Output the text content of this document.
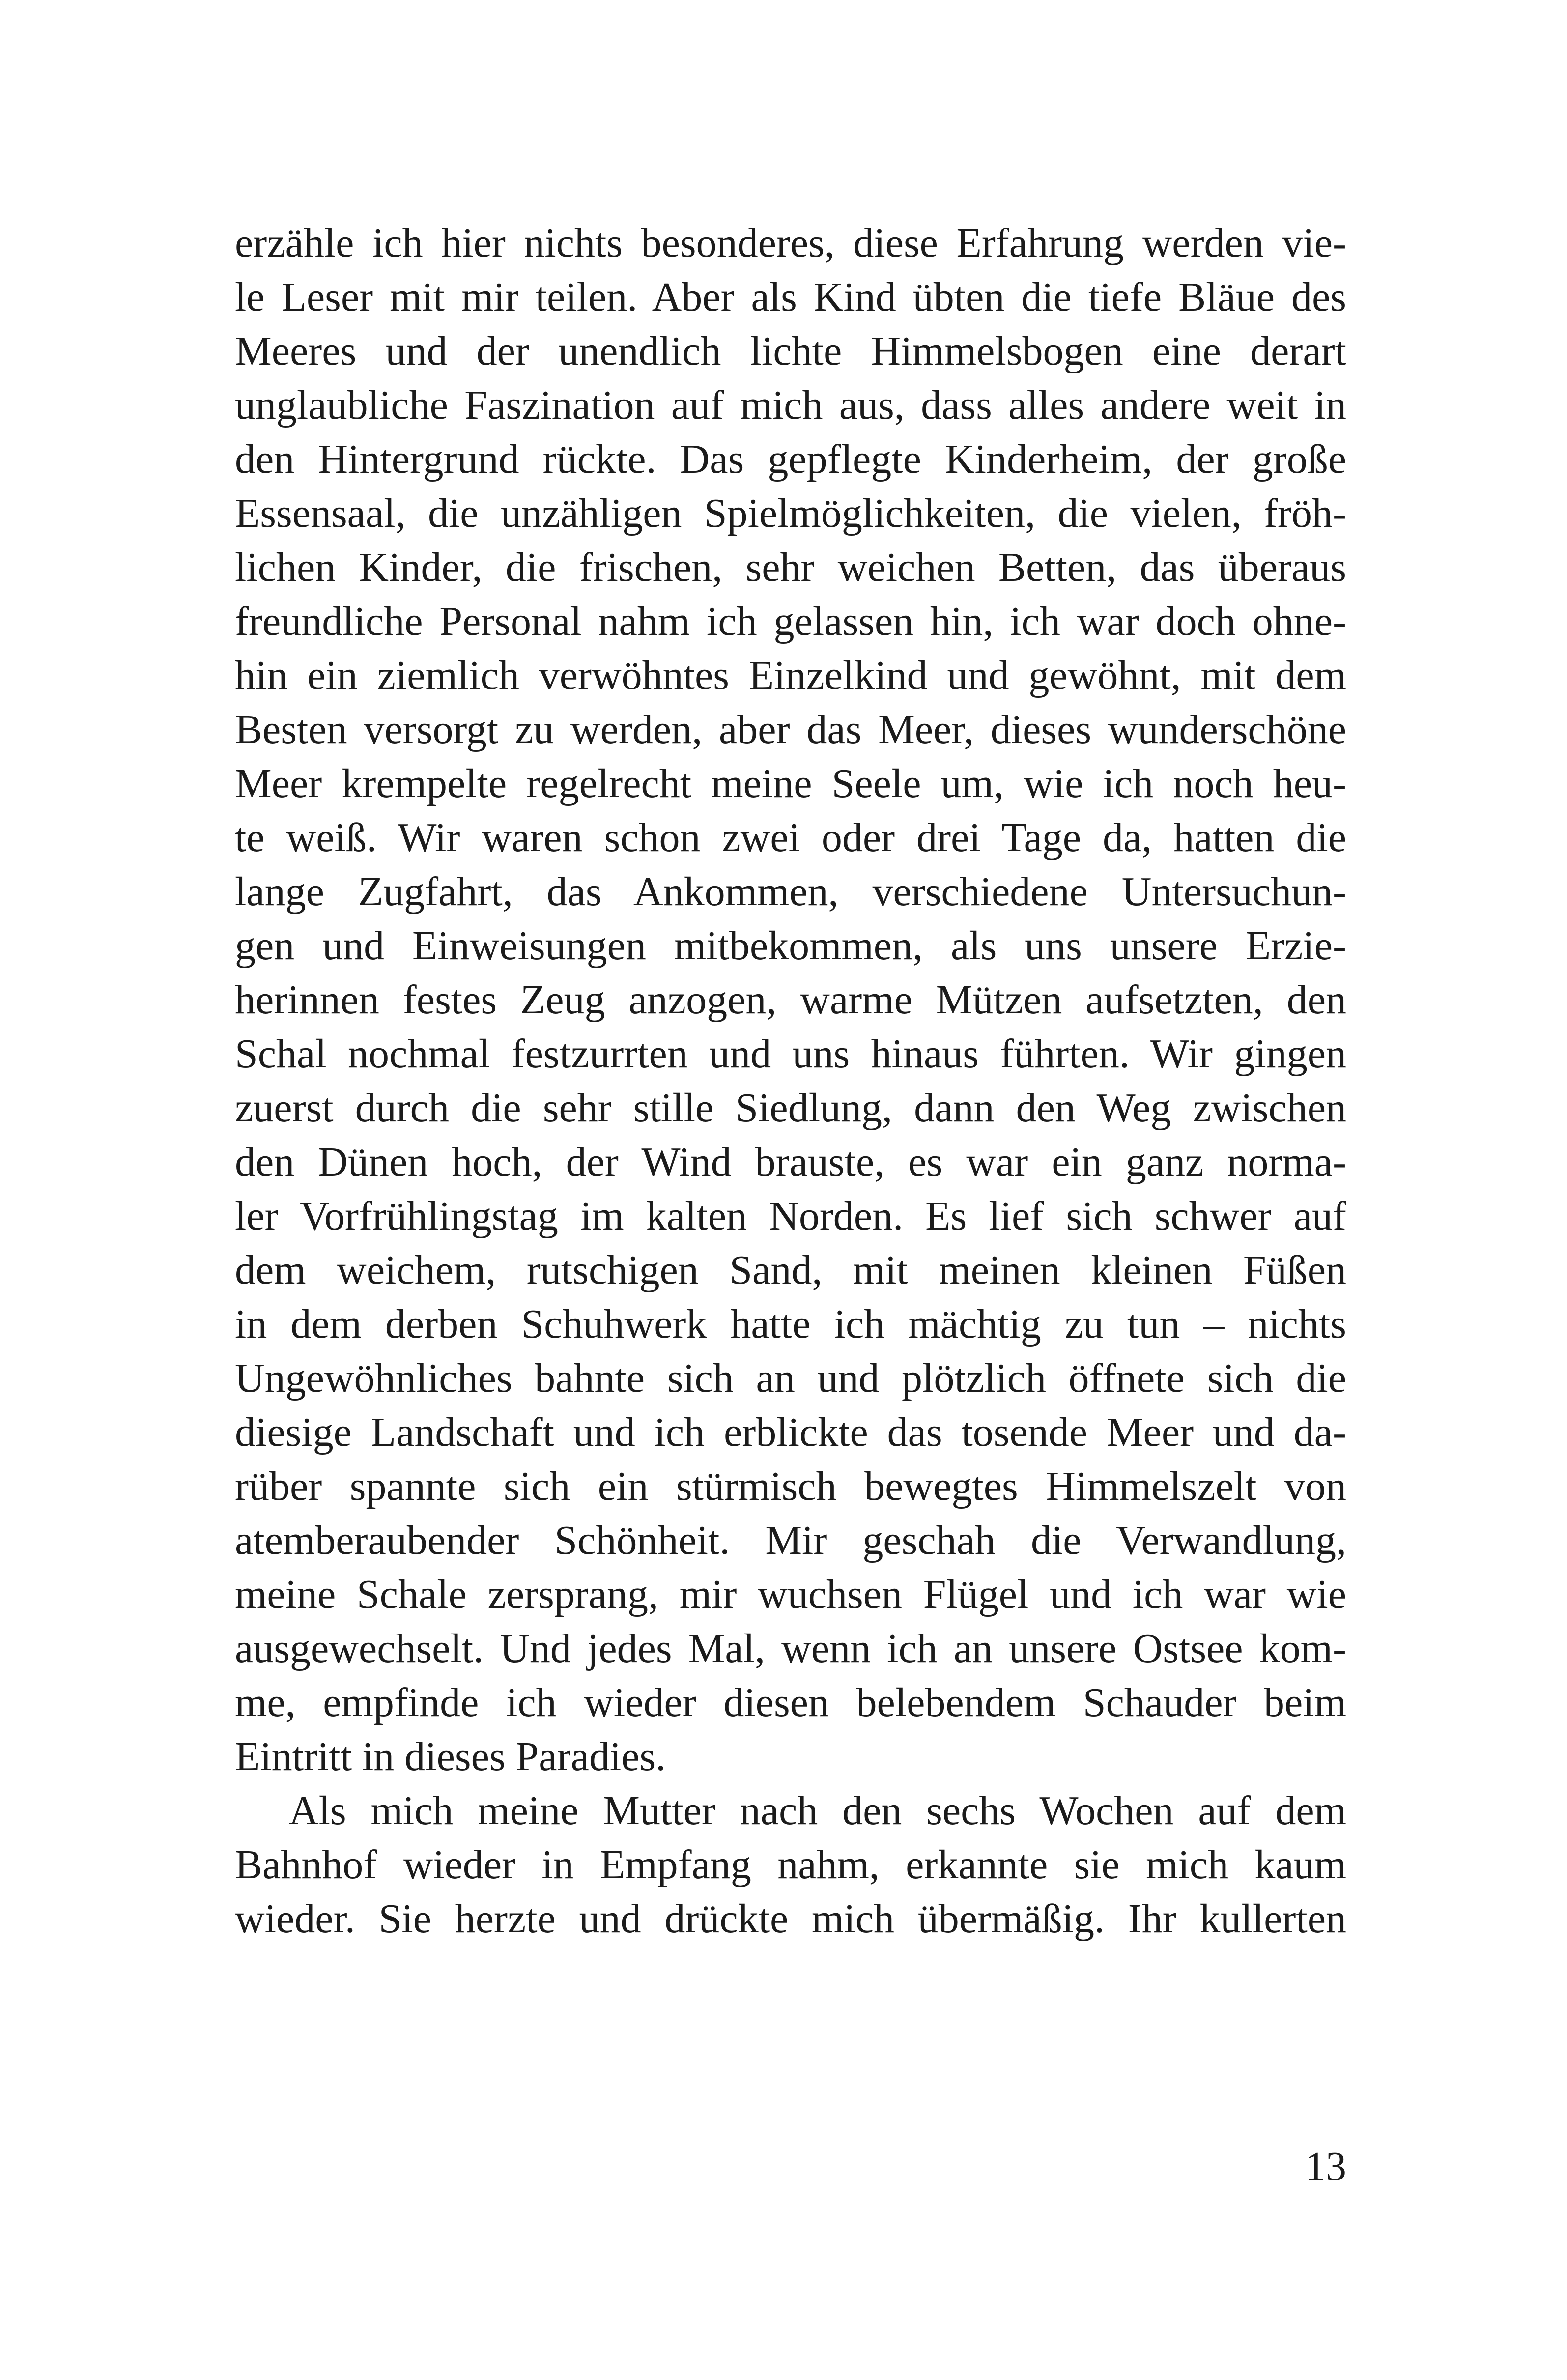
erzähle ich hier nichts besonderes, diese Erfahrung werden vie-
le Leser mit mir teilen. Aber als Kind übten die tiefe Bläue des
Meeres und der unendlich lichte Himmelsbogen eine derart
unglaubliche Faszination auf mich aus, dass alles andere weit in
den Hintergrund rückte. Das gepflegte Kinderheim, der große
Essensaal, die unzähligen Spielmöglichkeiten, die vielen, fröh-
lichen Kinder, die frischen, sehr weichen Betten, das überaus
freundliche Personal nahm ich gelassen hin, ich war doch ohne-
hin ein ziemlich verwöhntes Einzelkind und gewöhnt, mit dem
Besten versorgt zu werden, aber das Meer, dieses wunderschöne
Meer krempelte regelrecht meine Seele um, wie ich noch heu-
te weiß. Wir waren schon zwei oder drei Tage da, hatten die
lange Zugfahrt, das Ankommen, verschiedene Untersuchun-
gen und Einweisungen mitbekommen, als uns unsere Erzie-
herinnen festes Zeug anzogen, warme Mützen aufsetzten, den
Schal nochmal festzurrten und uns hinaus führten. Wir gingen
zuerst durch die sehr stille Siedlung, dann den Weg zwischen
den Dünen hoch, der Wind brauste, es war ein ganz norma-
ler Vorfrühlingstag im kalten Norden. Es lief sich schwer auf
dem weichem, rutschigen Sand, mit meinen kleinen Füßen
in dem derben Schuhwerk hatte ich mächtig zu tun – nichts
Ungewöhnliches bahnte sich an und plötzlich öffnete sich die
diesige Landschaft und ich erblickte das tosende Meer und da-
rüber spannte sich ein stürmisch bewegtes Himmelszelt von
atemberaubender Schönheit. Mir geschah die Verwandlung,
meine Schale zersprang, mir wuchsen Flügel und ich war wie
ausgewechselt. Und jedes Mal, wenn ich an unsere Ostsee kom-
me, empfinde ich wieder diesen belebendem Schauder beim
Eintritt in dieses Paradies.
Als mich meine Mutter nach den sechs Wochen auf dem
Bahnhof wieder in Empfang nahm, erkannte sie mich kaum
wieder. Sie herzte und drückte mich übermäßig. Ihr kullerten
13
